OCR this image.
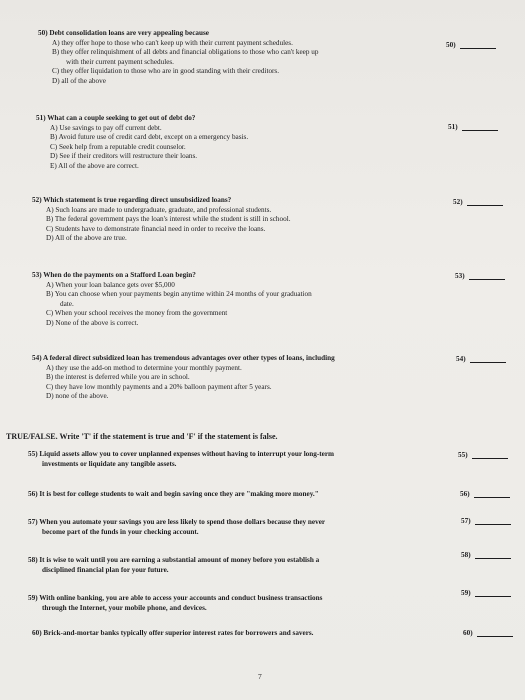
50) Debt consolidation loans are very appealing because
A) they offer hope to those who can't keep up with their current payment schedules.
B) they offer relinquishment of all debts and financial obligations to those who can't keep up
with their current payment schedules.
C) they offer liquidation to those who are in good standing with their creditors.
D) all of the above
50)
51) What can a couple seeking to get out of debt do?
A) Use savings to pay off current debt.
B) Avoid future use of credit card debt, except on a emergency basis.
C) Seek help from a reputable credit counselor.
D) See if their creditors will restructure their loans.
E) All of the above are correct.
51)
52) Which statement is true regarding direct unsubsidized loans?
A) Such loans are made to undergraduate, graduate, and professional students.
B) The federal government pays the loan's interest while the student is still in school.
C) Students have to demonstrate financial need in order to receive the loans.
D) All of the above are true.
52)
53) When do the payments on a Stafford Loan begin?
A) When your loan balance gets over $5,000
B) You can choose when your payments begin anytime within 24 months of your graduation
date.
C) When your school receives the money from the government
D) None of the above is correct.
53)
54) A federal direct subsidized loan has tremendous advantages over other types of loans, including
A) they use the add-on method to determine your monthly payment.
B) the interest is deferred while you are in school.
C) they have low monthly payments and a 20% balloon payment after 5 years.
D) none of the above.
54)
TRUE/FALSE. Write 'T' if the statement is true and 'F' if the statement is false.
55) Liquid assets allow you to cover unplanned expenses without having to interrupt your long-term
investments or liquidate any tangible assets.
55)
56) It is best for college students to wait and begin saving once they are "making more money."	56)
57) When you automate your savings you are less likely to spend those dollars because they never
become part of the funds in your checking account.
57)
58) It is wise to wait until you are earning a substantial amount of money before you establish a
disciplined financial plan for your future.
58)
59) With online banking, you are able to access your accounts and conduct business transactions
through the Internet, your mobile phone, and devices.
59)
60) Brick-and-mortar banks typically offer superior interest rates for borrowers and savers.	60)
7
